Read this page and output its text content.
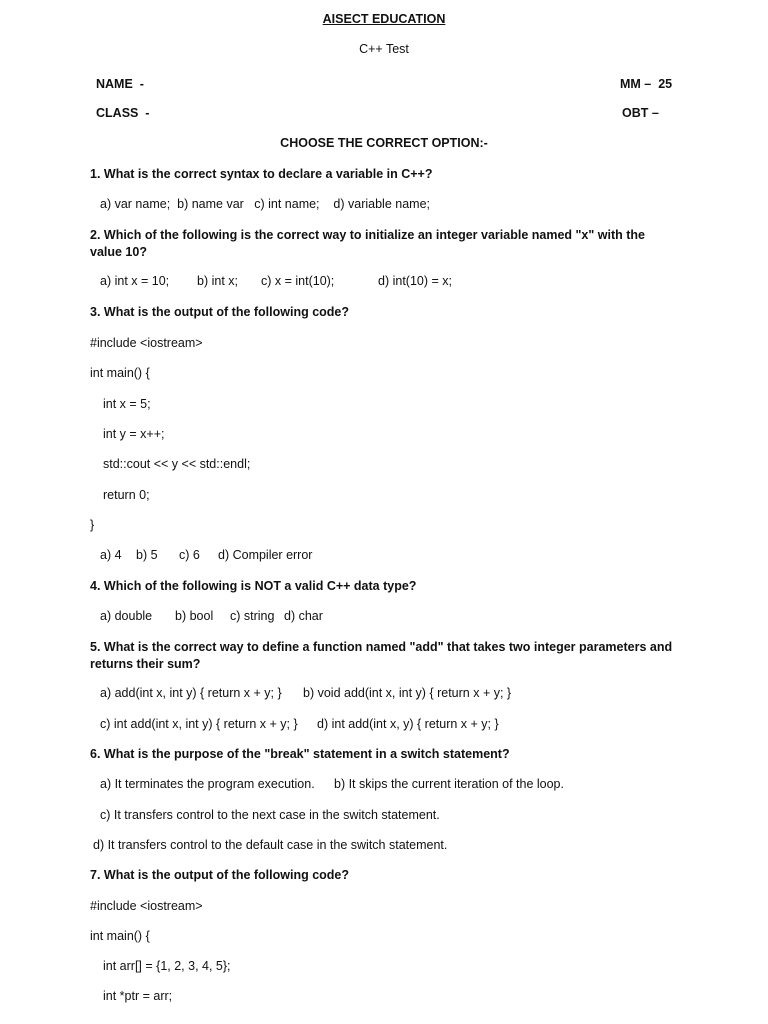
AISECT EDUCATION
C++ Test
NAME  -	MM –  25
CLASS  -	OBT –
CHOOSE THE CORRECT OPTION:-
1. What is the correct syntax to declare a variable in C++?
a) var name;  b) name var   c) int name;    d) variable name;
2. Which of the following is the correct way to initialize an integer variable named "x" with the value 10?
a) int x = 10; b) int x; c) x = int(10);	d) int(10) = x;
3. What is the output of the following code?
#include <iostream>
int main() {
int x = 5;
int y = x++;
std::cout << y << std::endl;
return 0;
}
a) 4 b) 5 c) 6 d) Compiler error
4. Which of the following is NOT a valid C++ data type?
a) double b) bool c) string d) char
5. What is the correct way to define a function named "add" that takes two integer parameters and returns their sum?
a) add(int x, int y) { return x + y; } b) void add(int x, int y) { return x + y; }
c) int add(int x, int y) { return x + y; } d) int add(int x, y) { return x + y; }
6. What is the purpose of the "break" statement in a switch statement?
a) It terminates the program execution. b) It skips the current iteration of the loop.
c) It transfers control to the next case in the switch statement.
d) It transfers control to the default case in the switch statement.
7. What is the output of the following code?
#include <iostream>
int main() {
int arr[] = {1, 2, 3, 4, 5};
int *ptr = arr;
